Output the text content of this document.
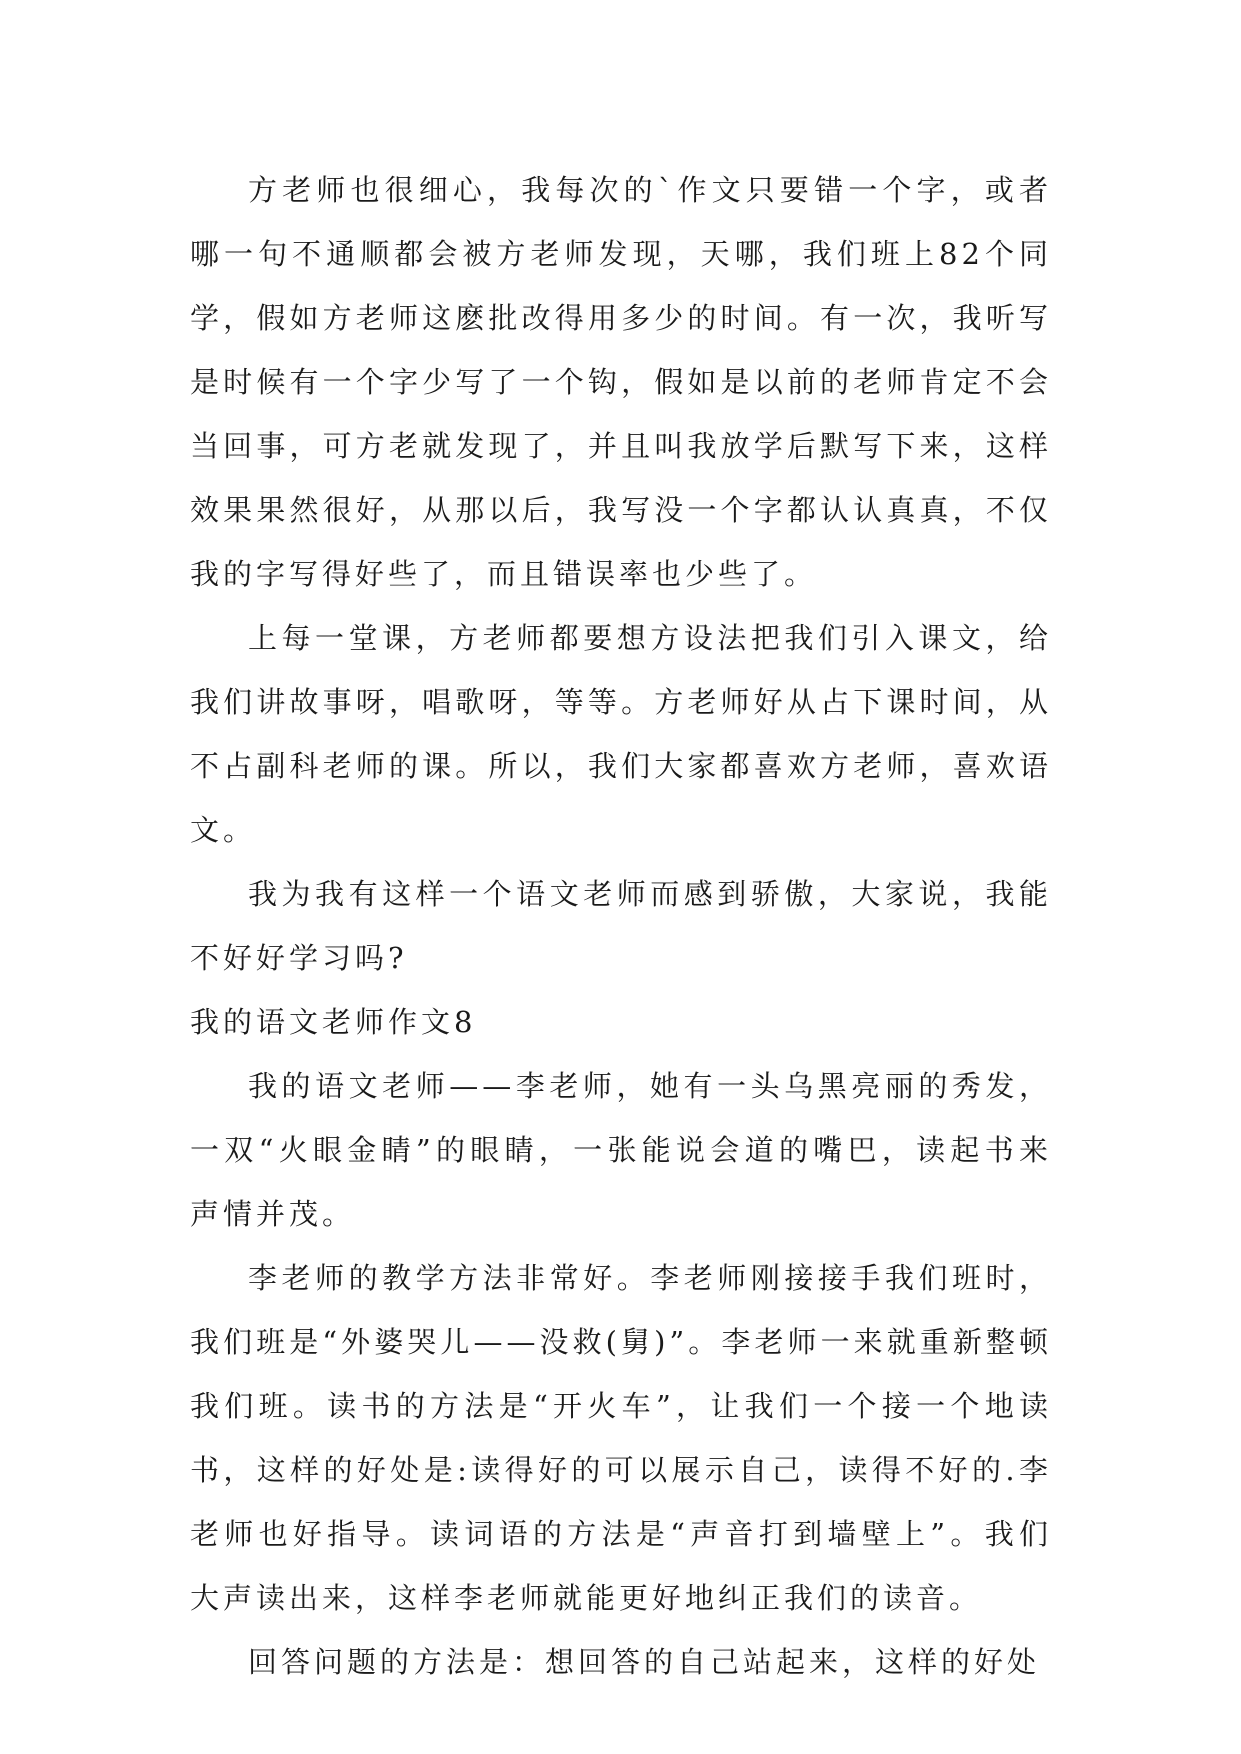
方老师也很细心，我每次的`作文只要错一个字，或者哪一句不通顺都会被方老师发现，天哪，我们班上82个同学，假如方老师这麽批改得用多少的时间。有一次，我听写是时候有一个字少写了一个钩，假如是以前的老师肯定不会当回事，可方老就发现了，并且叫我放学后默写下来，这样效果果然很好，从那以后，我写没一个字都认认真真，不仅我的字写得好些了，而且错误率也少些了。

上每一堂课，方老师都要想方设法把我们引入课文，给我们讲故事呀，唱歌呀，等等。方老师好从占下课时间，从不占副科老师的课。所以，我们大家都喜欢方老师，喜欢语文。

我为我有这样一个语文老师而感到骄傲，大家说，我能不好好学习吗?

我的语文老师作文8

我的语文老师——李老师，她有一头乌黑亮丽的秀发，一双“火眼金睛”的眼睛，一张能说会道的嘴巴，读起书来声情并茂。

李老师的教学方法非常好。李老师刚接接手我们班时，我们班是“外婆哭儿——没救(舅)”。李老师一来就重新整顿我们班。读书的方法是“开火车”，让我们一个接一个地读书，这样的好处是:读得好的可以展示自己，读得不好的.李老师也好指导。读词语的方法是“声音打到墙壁上”。我们大声读出来，这样李老师就能更好地纠正我们的读音。

回答问题的方法是：想回答的自己站起来，这样的好处
